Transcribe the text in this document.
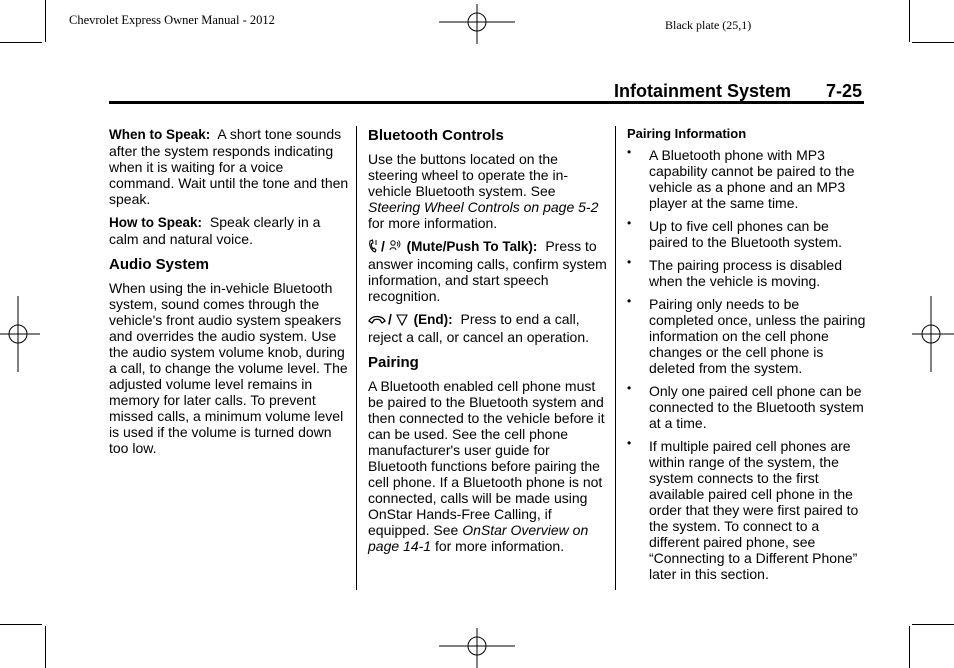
Chevrolet Express Owner Manual - 2012	Black plate (25,1)
Infotainment System 7-25

When to Speak: A short tone sounds after the system responds indicating when it is waiting for a voice command. Wait until the tone and then speak.

How to Speak: Speak clearly in a calm and natural voice.

Audio System

When using the in-vehicle Bluetooth system, sound comes through the vehicle's front audio system speakers and overrides the audio system. Use the audio system volume knob, during a call, to change the volume level. The adjusted volume level remains in memory for later calls. To prevent missed calls, a minimum volume level is used if the volume is turned down too low.

Bluetooth Controls

Use the buttons located on the steering wheel to operate the in-vehicle Bluetooth system. See Steering Wheel Controls on page 5-2 for more information.

/ (Mute/Push To Talk): Press to answer incoming calls, confirm system information, and start speech recognition.

/ (End): Press to end a call, reject a call, or cancel an operation.

Pairing

A Bluetooth enabled cell phone must be paired to the Bluetooth system and then connected to the vehicle before it can be used. See the cell phone manufacturer's user guide for Bluetooth functions before pairing the cell phone. If a Bluetooth phone is not connected, calls will be made using OnStar Hands-Free Calling, if equipped. See OnStar Overview on page 14-1 for more information.

Pairing Information
• A Bluetooth phone with MP3 capability cannot be paired to the vehicle as a phone and an MP3 player at the same time.
• Up to five cell phones can be paired to the Bluetooth system.
• The pairing process is disabled when the vehicle is moving.
• Pairing only needs to be completed once, unless the pairing information on the cell phone changes or the cell phone is deleted from the system.
• Only one paired cell phone can be connected to the Bluetooth system at a time.
• If multiple paired cell phones are within range of the system, the system connects to the first available paired cell phone in the order that they were first paired to the system. To connect to a different paired phone, see “Connecting to a Different Phone” later in this section.
